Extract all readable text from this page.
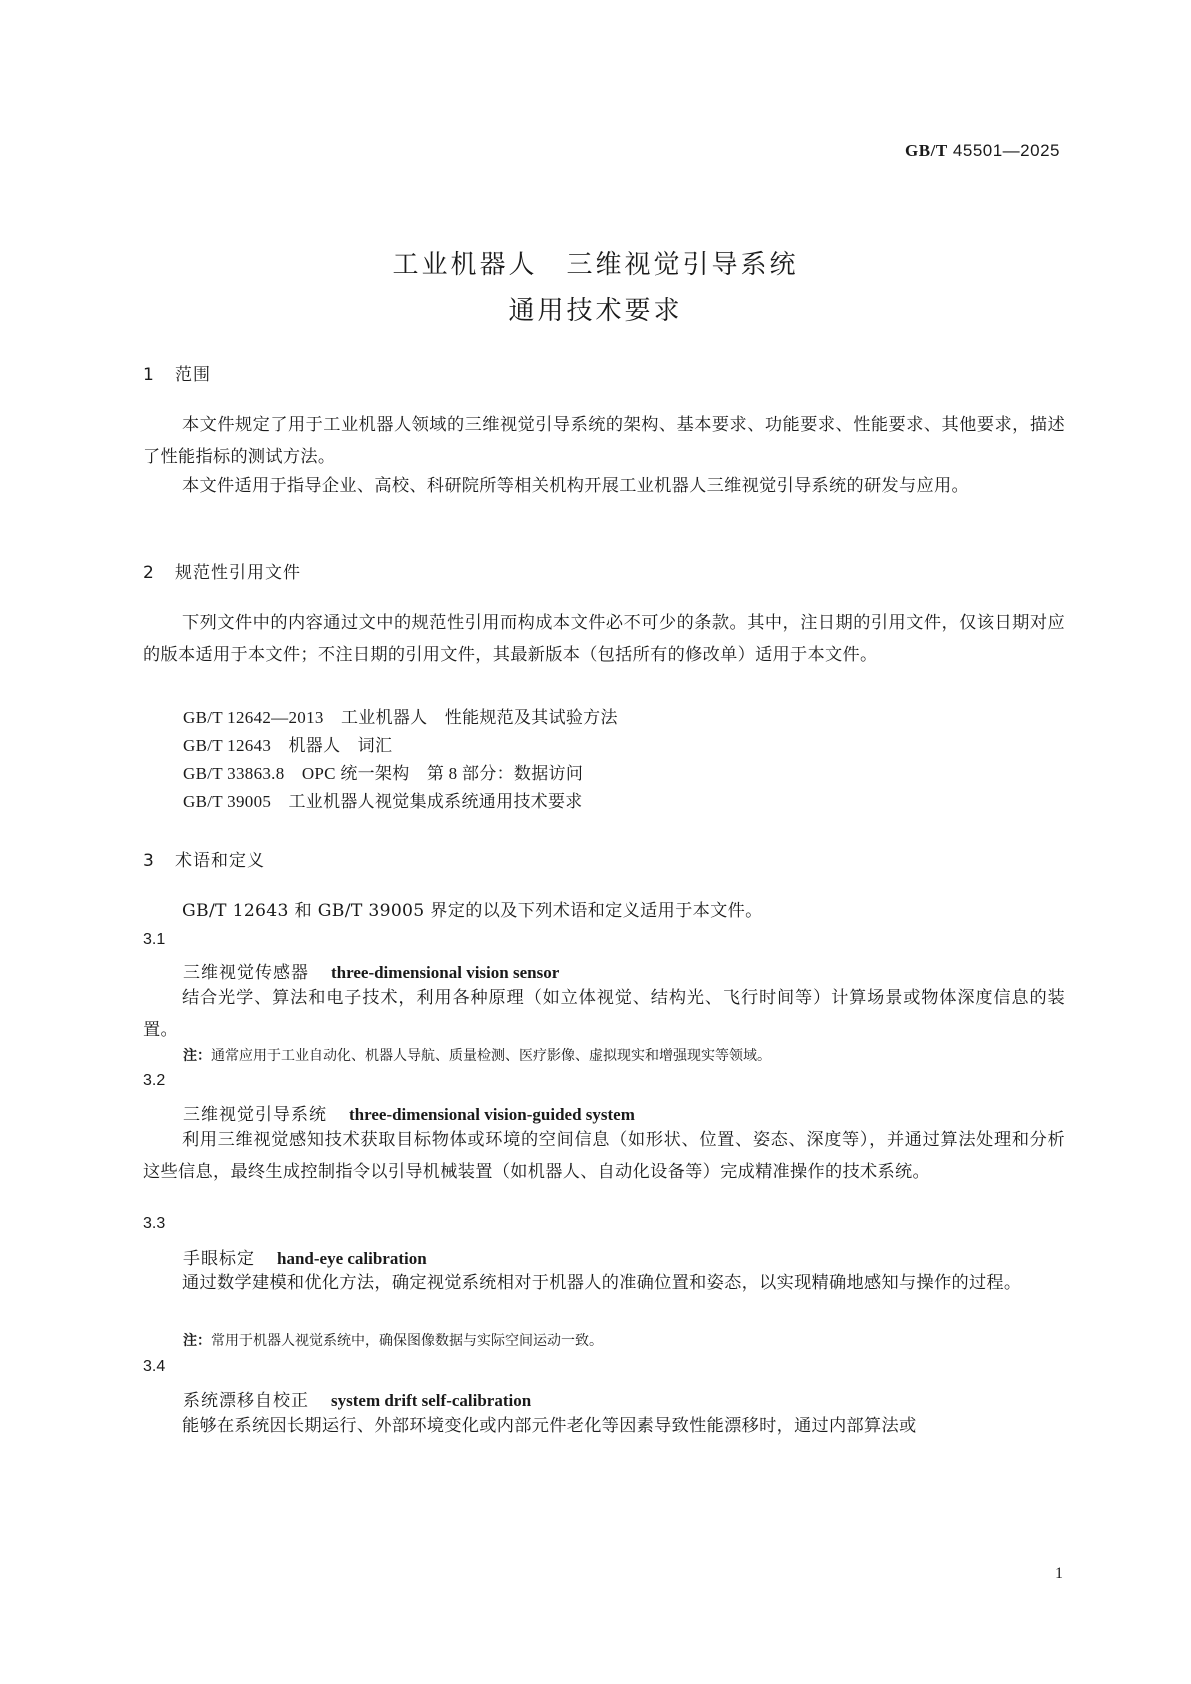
GB/T 45501—2025
工业机器人　三维视觉引导系统
通用技术要求
1 范围
本文件规定了用于工业机器人领域的三维视觉引导系统的架构、基本要求、功能要求、性能要求、其他要求，描述了性能指标的测试方法。
本文件适用于指导企业、高校、科研院所等相关机构开展工业机器人三维视觉引导系统的研发与应用。
2 规范性引用文件
下列文件中的内容通过文中的规范性引用而构成本文件必不可少的条款。其中，注日期的引用文件，仅该日期对应的版本适用于本文件；不注日期的引用文件，其最新版本（包括所有的修改单）适用于本文件。
GB/T 12642—2013　工业机器人　性能规范及其试验方法
GB/T 12643　机器人　词汇
GB/T 33863.8　OPC 统一架构　第 8 部分：数据访问
GB/T 39005　工业机器人视觉集成系统通用技术要求
3 术语和定义
GB/T 12643 和 GB/T 39005 界定的以及下列术语和定义适用于本文件。
3.1
三维视觉传感器 three-dimensional vision sensor
结合光学、算法和电子技术，利用各种原理（如立体视觉、结构光、飞行时间等）计算场景或物体深度信息的装置。
注：通常应用于工业自动化、机器人导航、质量检测、医疗影像、虚拟现实和增强现实等领域。
3.2
三维视觉引导系统 three-dimensional vision-guided system
利用三维视觉感知技术获取目标物体或环境的空间信息（如形状、位置、姿态、深度等），并通过算法处理和分析这些信息，最终生成控制指令以引导机械装置（如机器人、自动化设备等）完成精准操作的技术系统。
3.3
手眼标定 hand-eye calibration
通过数学建模和优化方法，确定视觉系统相对于机器人的准确位置和姿态，以实现精确地感知与操作的过程。
注：常用于机器人视觉系统中，确保图像数据与实际空间运动一致。
3.4
系统漂移自校正 system drift self-calibration
能够在系统因长期运行、外部环境变化或内部元件老化等因素导致性能漂移时，通过内部算法或
1
